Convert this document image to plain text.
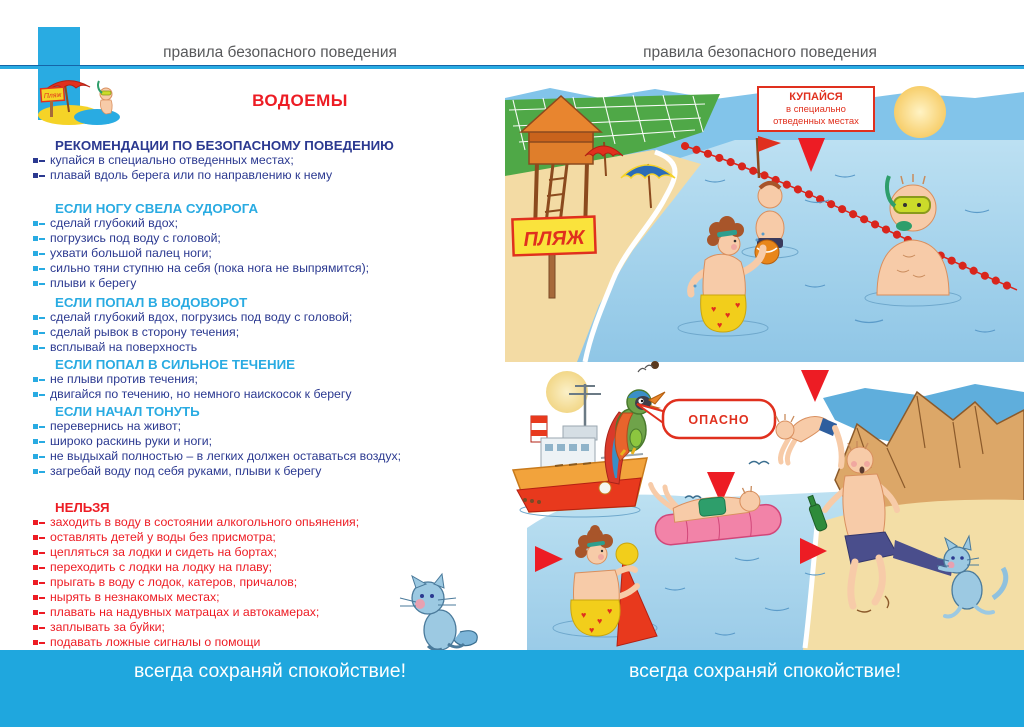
правила безопасного поведения	правила безопасного поведения
Пляж	ВОДОЕМЫ
РЕКОМЕНДАЦИИ ПО БЕЗОПАСНОМУ ПОВЕДЕНИЮ
купайся в специально отведенных местах;
плавай вдоль берега или по направлению к нему
ЕСЛИ НОГУ СВЕЛА СУДОРОГА
сделай глубокий вдох;
погрузись под воду с головой;
ухвати большой палец ноги;
сильно тяни ступню на себя (пока нога не выпрямится);
плыви к берегу
ЕСЛИ ПОПАЛ В ВОДОВОРОТ
сделай глубокий вдох, погрузись под воду с головой;
сделай рывок в сторону течения;
всплывай на поверхность
ЕСЛИ ПОПАЛ В СИЛЬНОЕ ТЕЧЕНИЕ
не плыви против течения;
двигайся по течению, но немного наискосок к берегу
ЕСЛИ НАЧАЛ ТОНУТЬ
перевернись на живот;
широко раскинь руки и ноги;
не выдыхай полностью – в легких должен оставаться воздух;
загребай воду под себя руками, плыви к берегу
НЕЛЬЗЯ
заходить в воду в состоянии алкогольного опьянения;
оставлять детей у воды без присмотра;
цепляться за лодки и сидеть на бортах;
переходить с лодки на лодку на плаву;
прыгать в воду с лодок, катеров, причалов;
нырять в незнакомых местах;
плавать на надувных матрацах и автокамерах;
заплывать за буйки;
подавать ложные сигналы о помощи
ПЛЯЖ
КУПАЙСЯ
в специально
отведенных местах
♥
♥
♥
♥
ОПАСНО
♥
♥
♥
♥
всегда сохраняй спокойствие!	всегда сохраняй спокойствие!
